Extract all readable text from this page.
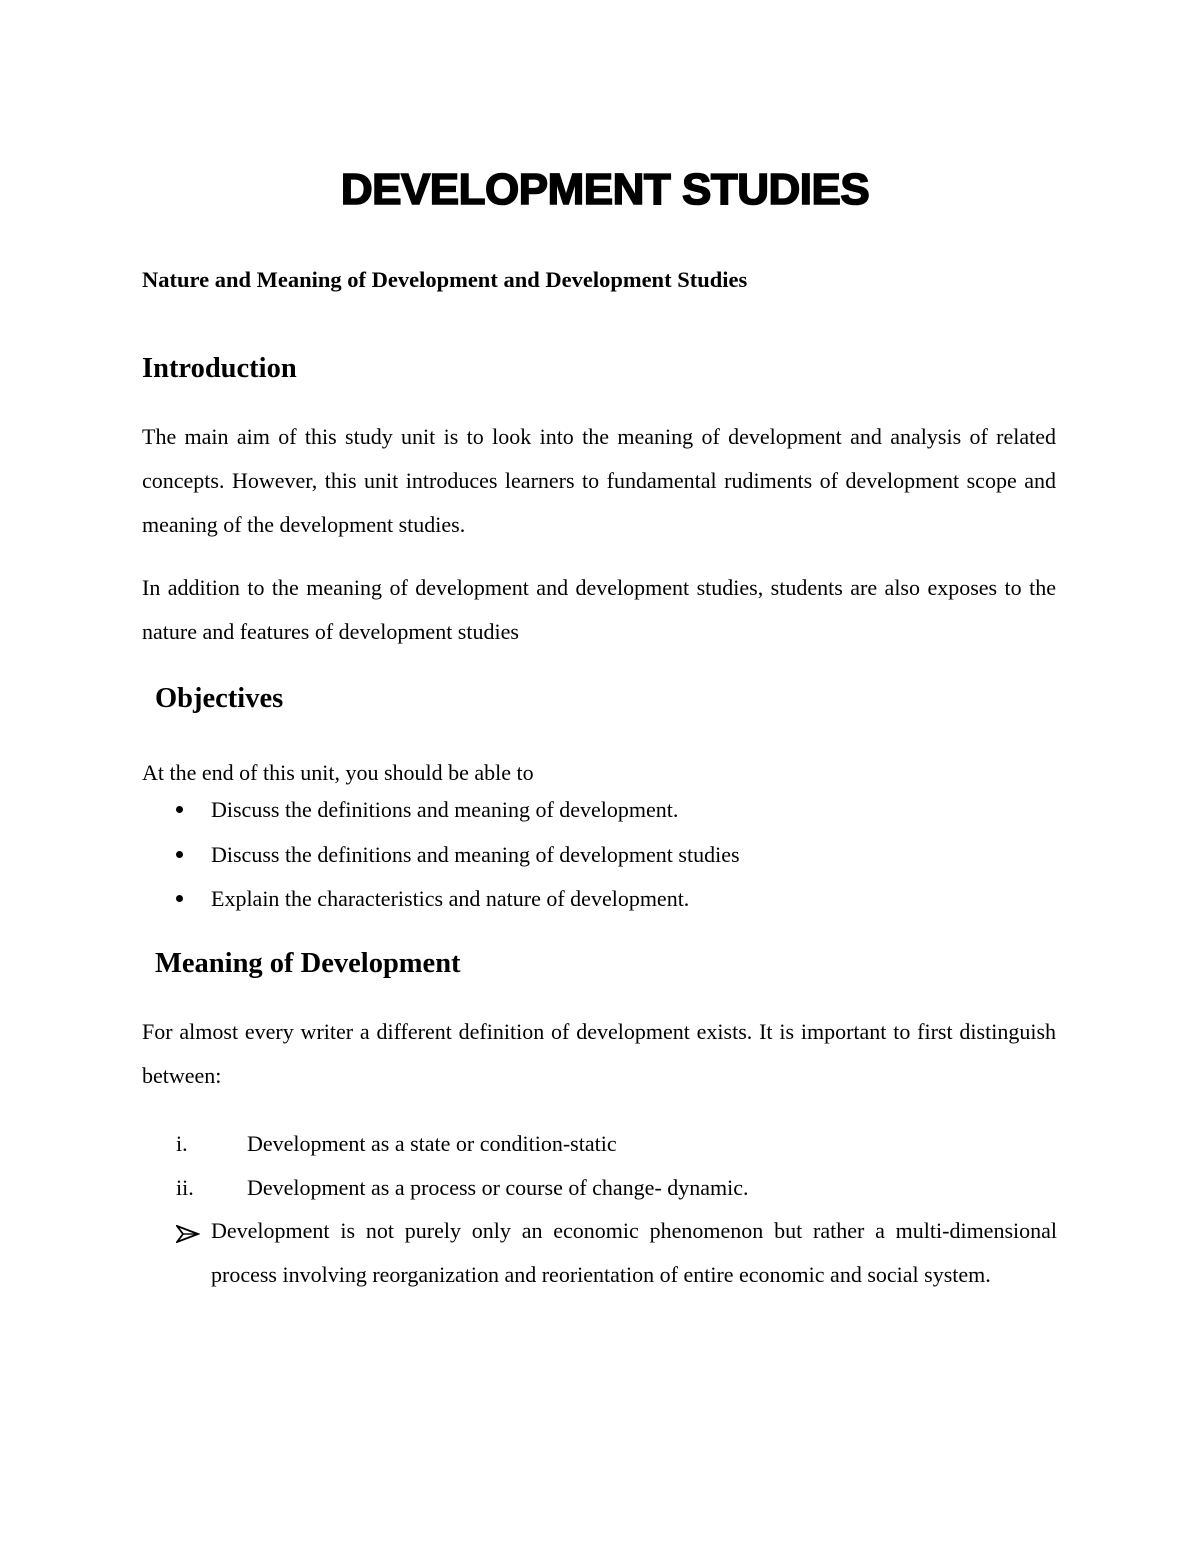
DEVELOPMENT STUDIES

Nature and Meaning of Development and Development Studies

Introduction

The main aim of this study unit is to look into the meaning of development and analysis of related concepts. However, this unit introduces learners to fundamental rudiments of development scope and meaning of the development studies.

In addition to the meaning of development and development studies, students are also exposes to the nature and features of development studies

Objectives

At the end of this unit, you should be able to

Discuss the definitions and meaning of development.

Discuss the definitions and meaning of development studies

Explain the characteristics and nature of development.

Meaning of Development

For almost every writer a different definition of development exists. It is important to first distinguish between:

i.	Development as a state or condition-static

ii. Development as a process or course of change- dynamic.

Development is not purely only an economic phenomenon but rather a multi-dimensional process involving reorganization and reorientation of entire economic and social system.
